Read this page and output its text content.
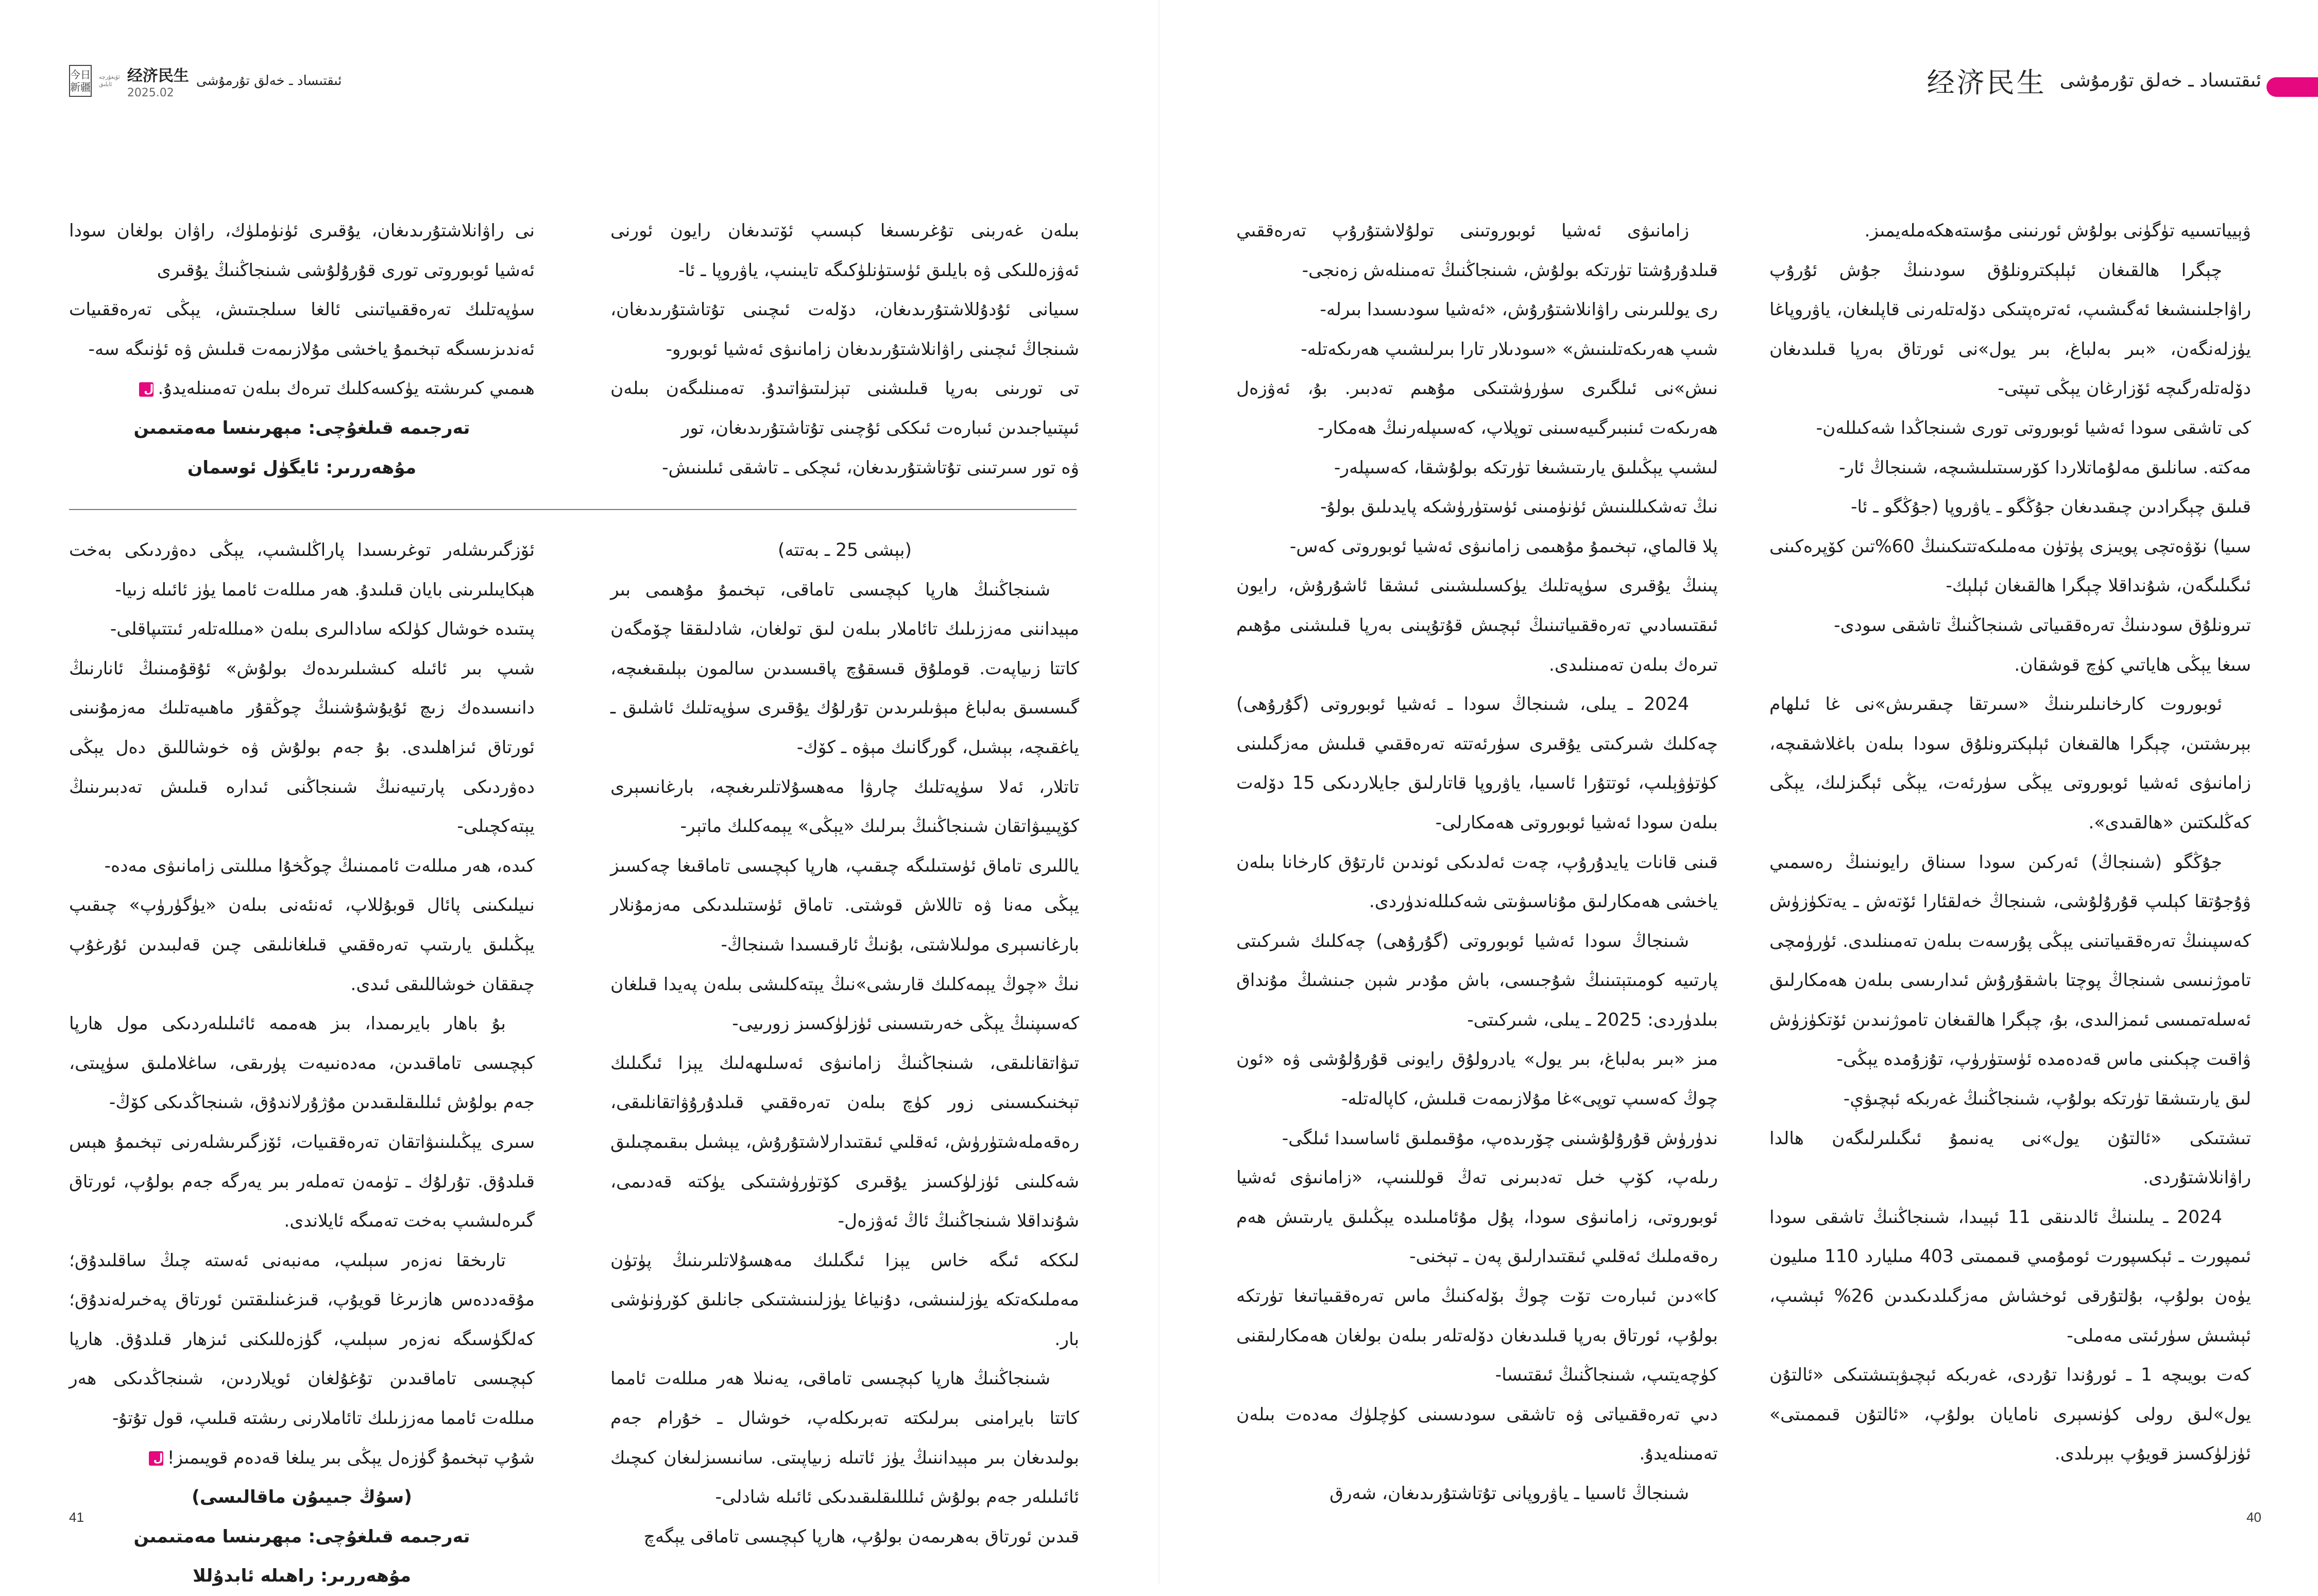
今日
新疆
ئۇيغۇرچە
ئايلىق 经济民生
2025.02
ئىقتىساد ـ خەلق تۇرمۇشى

بىلەن غەربنى تۇغرىسىغا كېسىپ ئۆتىدىغان رايون ئورنى ئەۋزەللىكى ۋە بايلىق ئۈستۈنلۈكىگە تايىنىپ، ياۋروپا ـ ئا-

سىيانى ئۇدۇللاشتۇرىدىغان، دۆلەت ئىچىنى تۇتاشتۇرىدىغان، شىنجاڭ ئىچىنى راۋانلاشتۇرىدىغان زامانىۋى ئەشيا ئوبورو-

تى تورىنى بەرپا قىلىشنى تېزلىتىۋاتىدۇ. تەمىنلىگەن بىلەن ئىپتىياجىدىن ئىبارەت ئىككى ئۇچىنى تۇتاشتۇرىدىغان، تور

ۋە تور سىرتىنى تۇتاشتۇرىدىغان، ئىچكى ـ تاشقى ئىلىنىش-

نى راۋانلاشتۇرىدىغان، يۇقىرى ئۈنۈملۈك، راۋان بولغان سودا ئەشيا ئوبوروتى تورى قۇرۇلۇشى شىنجاڭنىڭ يۇقىرى

سۈپەتلىك تەرەققىياتىنى ئالغا سىلجىتىش، يېڭى تەرەققىيات ئەندىزىسىگە تېخىمۇ ياخشى مۇلازىمەت قىلىش ۋە ئۈنىگە سە-

ھىمىي كىرىشتە يۈكسەكلىك تىرەك بىلەن تەمىنلەيدۇ.ل

تەرجىمە قىلغۇچى: مېھرىنسا مەمتىمىن

مۇھەررىر: ئايگۈل ئوسمان

(بېشى 25 ـ بەتتە)

شىنجاڭنىڭ ھارپا كېچىسى تاماقى، تېخىمۇ مۇھىمى بىر مېيداننى مەززىلىك تائاملار بىلەن لىق تولغان، شادلىققا چۆمگەن كاتتا زىياپەت. قوملۇق قىسقۇچ پاقىسىدىن سالمون بېلىقىغىچە، گىسسىق بەلباغ مېۋىلىرىدىن تۇرلۇك يۇقىرى سۈپەتلىك ئاشلىق ـ ياغقىچە، بېشىل، گورگانىك مېۋە ـ كۆك-

تاتلار، ئەلا سۈپەتلىك چارۋا مەھسۇلاتلىرىغىچە، بارغانسېرى كۆپىيىۋاتقان شىنجاڭنىڭ بىرلىك «يېڭى» يېمەكلىك ماتېر-

ياللىرى تاماق ئۈستىلىگە چىقىپ، ھارپا كېچىسى تاماقىغا چەكسىز يېڭى مەنا ۋە تاللاش قوشتى. تاماق ئۈستىلىدىكى مەزمۇنلار بارغانسېرى مولىلاشتى، بۇنىڭ ئارقىسىدا شىنجاڭ-

نىڭ «چوڭ يېمەكلىك قارىشى»نىڭ يېتەكلىشى بىلەن پەيدا قىلغان كەسىپنىڭ يېڭى خەرىتىسىنى ئۈزلۈكسىز زورىيى-

تىۋاتقانلىقى، شىنجاڭنىڭ زامانىۋى ئەسلىھەلىك يېزا ئىگىلىك تېخنىكىسىنى زور كۈچ بىلەن تەرەققىي قىلدۇرۇۋاتقانلىقى، رەقەملەشتۈرۈش، ئەقلىي ئىقتىدارلاشتۇرۇش، يېشىل بىقىمچىلىق شەكلىنى ئۈزلۈكسىز يۇقىرى كۆتۈرۈشتىكى يۈكتە قەدىمى، شۇنداقلا شىنجاڭنىڭ ئاڭ ئەۋزەل-

لىككە ئىگە خاس يېزا ئىگىلىك مەھسۇلاتلىرىنىڭ پۈتۈن مەملىكەتكە يۈزلىنىشى، دۇنياغا يۈزلىنىشتىكى جانلىق كۆرۈنۈشى بار.

شىنجاڭنىڭ ھارپا كېچىسى تاماقى، يەنىلا ھەر مىللەت ئامما كاتتا بايرامنى بىرلىكتە تەبرىكلەپ، خوشال ـ خۇرام جەم بولىدىغان بىر مېيداننىڭ يۈز ئاتىلە زىياپىتى. سانىسىزلىغان كىچىك ئائىلىلەر جەم بولۇش ئىلللىقلىقىدىكى ئائىلە شادلى-

قىدىن ئورتاق بەھرىمەن بولۇپ، ھارپا كېچىسى تاماقى يېگەچ

ئۆزگىرىشلەر توغرىسىدا پاراڭلىشىپ، يېڭى دەۋردىكى بەخت ھېكايىلىرىنى بايان قىلىدۇ. ھەر مىللەت ئامما يۈز ئائىلە زىيا-

پىتىدە خوشال كۈلكە سادالىرى بىلەن «مىللەتلەر ئىتتىپاقلى-

شىپ بىر ئائىلە كىشىلىرىدەك بولۇش» ئۇقۇمىنىڭ ئانارنىڭ دانىسىدەك زىچ ئۇيۇشۇشنىڭ چوڭقۇر ماھىيەتلىك مەزمۇنىنى ئورتاق ئىزاھلىدى. بۇ جەم بولۇش ۋە خوشاللىق دەل يېڭى دەۋردىكى پارتىيەنىڭ شىنجاڭنى ئىدارە قىلىش تەدبىرىنىڭ يېتەكچىلى-

كىدە، ھەر مىللەت ئاممىنىڭ چوڭخۇا مىللىتى زامانىۋى مەدە-

نىيلىكىنى پائال قوبۇللاپ، ئەنئەنى بىلەن «يۈگۈرۈپ» چىقىپ يېڭىلىق يارىتىپ تەرەققىي قىلغانلىقى چىن قەلبىدىن ئۇرغۇپ چىققان خوشاللىقى ئىدى.

بۇ باھار بايرىمىدا، بىز ھەممە ئائىلىلەردىكى مول ھارپا كېچىسى تاماقىدىن، مەدەنىيەت پۈرىقى، ساغلاملىق سۈپىتى، جەم بولۇش ئىللىقلىقىدىن مۇژۇرلاندۇق، شىنجاڭدىكى كۆڭ-

سىرى يېڭىلىنىۋاتقان تەرەققىيات، ئۆزگىرىشلەرنى تېخىمۇ ھېس قىلدۇق. تۇرلۇك ـ تۈمەن تەملەر بىر يەرگە جەم بولۇپ، ئورتاق گىرەلىشىپ بەخت تەمىگە ئايلاندى.

تارىخقا نەزەر سېلىپ، مەنبەنى ئەستە چىڭ ساقلىدۇق؛ مۇقەددەس ھازىرغا قويۇپ، قىزغىنلىقتىن ئورتاق پەخىرلەندۇق؛ كەلگۈسىگە نەزەر سېلىپ، گۈزەللىكنى ئىزھار قىلدۇق. ھارپا كېچىسى تاماقىدىن تۇغۇلغان ئويلاردىن، شىنجاڭدىكى ھەر مىللەت ئامما مەززىلىك تائاملارنى رىشتە قىلىپ، قول تۇتۇ-

شۇپ تېخىمۇ گۈزەل يېڭى بىر يىلغا قەدەم قويىمىز!ل

(سۇڭ جىيىۇن ماقالىسى)

تەرجىمە قىلغۇچى: مېھرىنسا مەمتىمىن

مۇھەررىر: راھىلە ئابدۇللا

41
经济民生 ئىقتىساد ـ خەلق تۇرمۇشى

ۋېيياتسىيە تۈگۈنى بولۇش ئورنىنى مۇستەھكەملەيمىز.

چېگرا ھالقىغان ئېلېكترونلۇق سودىنىڭ جۇش ئۇرۇپ راۋاجلىنىشىغا ئەگىشىپ، ئەترەپتىكى دۆلەتلەرنى قاپلىغان، ياۋروپاغا يۈزلەنگەن، «بىر بەلباغ، بىر يول»نى ئورتاق بەرپا قىلىدىغان دۆلەتلەرگىچە ئۆزارغان يېڭى تىپتى-

كى تاشقى سودا ئەشيا ئوبوروتى تورى شىنجاڭدا شەكىللەن-

مەكتە. سانلىق مەلۇماتلاردا كۆرسىتىلىشىچە، شىنجاڭ ئار-

قىلىق چېگرادىن چىقىدىغان جۇڭگو ـ ياۋروپا (جۇڭگو ـ ئا-

سىيا) نۆۋەتچى پويىزى پۈتۈن مەملىكەتتىكىنىڭ 60%تىن كۆپرەكىنى ئىگىلىگەن، شۇنداقلا چېگرا ھالقىغان ئېلېك-

تىرونلۇق سودىنىڭ تەرەققىياتى شىنجاڭنىڭ تاشقى سودى-

سىغا يېڭى ھاياتىي كۈچ قوشقان.

ئوبوروت كارخانىلىرىنىڭ «سىرتقا چىقىرىش»نى غا ئىلھام بېرىشتىن، چېگرا ھالقىغان ئېلېكترونلۇق سودا بىلەن باغلاشقىچە، زامانىۋى ئەشيا ئوبوروتى يېڭى سۈرئەت، يېڭى ئېگىزلىك، يېڭى كەڭلىكتىن «ھالقىدى».

جۇڭگو (شىنجاڭ) ئەركىن سودا سىناق رايونىنىڭ رەسمىي ۋۇجۇتقا كېلىپ قۇرۇلۇشى، شىنجاڭ خەلقئارا ئۆتەش ـ يەتكۈزۈش كەسپىنىڭ تەرەققىياتىنى يېڭى پۇرسەت بىلەن تەمىنلىدى. ئۈرۈمچى تاموژنىسى شىنجاڭ پوچتا باشقۇرۇش ئىدارىسى بىلەن ھەمكارلىق ئەسلەتمىسى ئىمزالىدى، بۇ، چېگرا ھالقىغان تاموژنىدىن ئۆتكۈزۈش ۋاقىت چېكىنى ماس قەدەمدە ئۈستۈرۈپ، تۇزۇمدە يېڭى-

لىق يارىتىشقا تۈرتكە بولۇپ، شىنجاڭنىڭ غەربكە ئېچىۋې-

تىشتىكى «ئالتۇن يول»نى يەنىمۇ ئىگىلىرلىگەن ھالدا راۋانلاشتۇردى.

2024 ـ يىلىنىڭ ئالدىنقى 11 ئېيىدا، شىنجاڭنىڭ تاشقى سودا ئىمپورت ـ ئېكسپورت ئومۇمىي قىممىتى 403 مىليارد 110 مىليون يۈەن بولۇپ، بۇلتۇرقى ئوخشاش مەزگىلدىكىدىن 26% ئېشىپ، ئېشىش سۈرئىتى مەملى-

كەت بويىچە 1 ـ ئورۇندا تۇردى، غەربكە ئېچىۋېتىشتىكى «ئالتۇن يول»لىق رولى كۈنسېرى نامايان بولۇپ، «ئالتۇن قىممىتى» ئۈزلۈكسىز قويۇپ بېرىلدى.

زامانىۋى ئەشيا ئوبوروتىنى تولۇلاشتۇرۇپ تەرەققىي قىلدۇرۇشتا تۈرتكە بولۇش، شىنجاڭنىڭ تەمىنلەش زەنجى-

رى يوللىرىنى راۋانلاشتۇرۇش، «ئەشيا سودىسىدا بىرلە-

شىپ ھەرىكەتلىنىش» «سودىلار تارا بىرلىشىپ ھەرىكەتلە-

نىش»نى ئىلگىرى سۈرۈشتىكى مۇھىم تەدبىر. بۇ، ئەۋزەل ھەرىكەت ئىنبىرگىيەسىنى توپلاپ، كەسىپلەرنىڭ ھەمكار-

لىشىپ يېڭىلىق يارىتىشىغا تۈرتكە بولۇشقا، كەسىپلەر-

نىڭ تەشكىللىنىش ئۈنۈمىنى ئۈستۈرۈشكە پايدىلىق بولۇ-

پلا قالماي، تېخىمۇ مۇھىمى زامانىۋى ئەشيا ئوبوروتى كەس-

پىنىڭ يۇقىرى سۈپەتلىك يۈكسىلىشىنى ئىشقا ئاشۇرۇش، رايون ئىقتىسادىي تەرەققىياتىنىڭ ئېچىش قۇتۇپىنى بەرپا قىلىشنى مۇھىم تىرەك بىلەن تەمىنلىدى.

2024 ـ يىلى، شىنجاڭ سودا ـ ئەشيا ئوبوروتى (گۇرۇھى) چەكلىك شىركىتى يۇقىرى سۈرئەتتە تەرەققىي قىلىش مەزگىلىنى كۈتۈۋېلىپ، ئوتتۇرا ئاسىيا، ياۋروپا قاتارلىق جايلاردىكى 15 دۆلەت بىلەن سودا ئەشيا ئوبوروتى ھەمكارلى-

قىنى قانات يايدۇرۇپ، چەت ئەلدىكى ئوندىن ئارتۇق كارخانا بىلەن ياخشى ھەمكارلىق مۇناسىۋىتى شەكىللەندۈردى.

شىنجاڭ سودا ئەشيا ئوبوروتى (گۇرۇھى) چەكلىك شىركىتى پارتىيە كومىتېتىنىڭ شۇجىسى، باش مۇدىر شېن جىنشىڭ مۇنداق بىلدۈردى: 2025 ـ يىلى، شىركىتى-

مىز «بىر بەلباغ، بىر يول» يادرولۇق رايونى قۇرۇلۇشى ۋە «ئون چوڭ كەسىپ توپى»غا مۇلازىمەت قىلىش، كاپالەتلە-

ندۈرۈش قۇرۇلۇشىنى چۆرىدەپ، مۇقىملىق ئاساسىدا ئىلگى-

رىلەپ، كۆپ خىل تەدبىرنى تەڭ قوللىنىپ، «زامانىۋى ئەشيا ئوبوروتى، زامانىۋى سودا، پۇل مۇئامىلىدە يېڭىلىق يارىتىش ھەم رەقەملىك ئەقلىي ئىقتىدارلىق پەن ـ تېخنى-

كا»دىن ئىبارەت تۆت چوڭ بۆلەكنىڭ ماس تەرەققىياتىغا تۈرتكە بولۇپ، ئورتاق بەرپا قىلىدىغان دۆلەتلەر بىلەن بولغان ھەمكارلىقنى كۈچەيتىپ، شىنجاڭنىڭ ئىقتىسا-

دىي تەرەققىياتى ۋە تاشقى سودىسىنى كۈچلۈك مەدەت بىلەن تەمىنلەيدۇ.

شىنجاڭ ئاسىيا ـ ياۋروپانى تۇتاشتۇرىدىغان، شەرق

40
